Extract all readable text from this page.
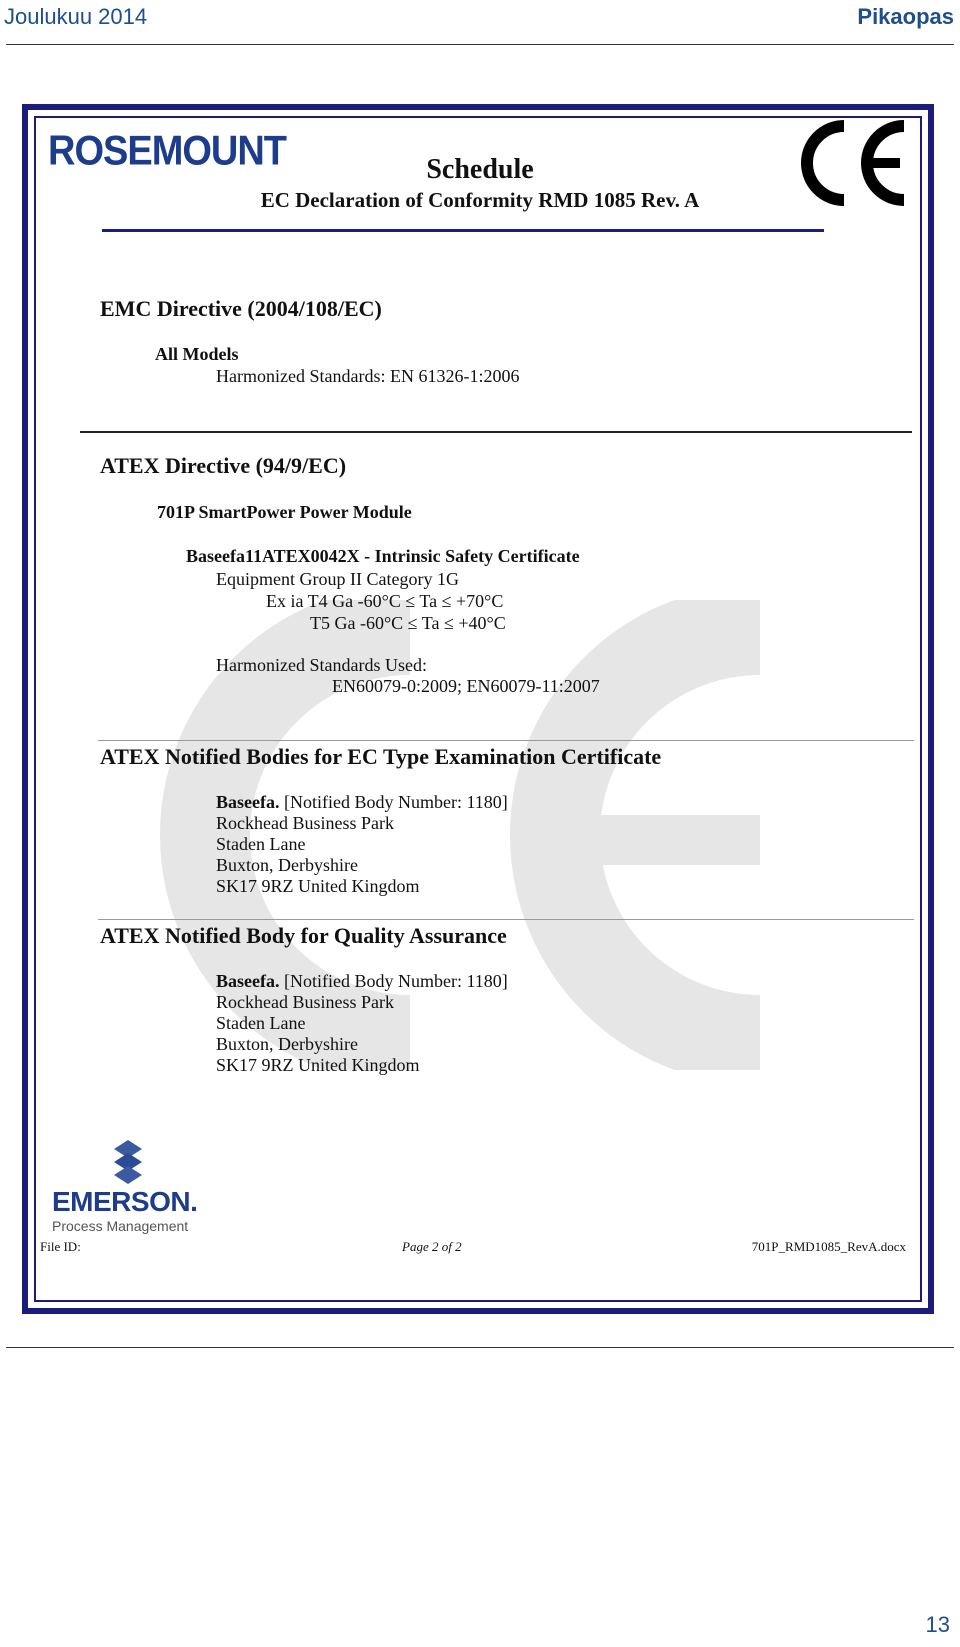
Joulukuu 2014	Pikaopas
ROSEMOUNT	Schedule
EC Declaration of Conformity RMD 1085 Rev. A
EMC Directive (2004/108/EC)
All Models
Harmonized Standards: EN 61326-1:2006
ATEX Directive (94/9/EC)
701P SmartPower Power Module
Baseefa11ATEX0042X - Intrinsic Safety Certificate
Equipment Group II Category 1G
Ex ia T4 Ga -60°C ≤ Ta ≤ +70°C
T5 Ga -60°C ≤ Ta ≤ +40°C
Harmonized Standards Used:
EN60079-0:2009; EN60079-11:2007
ATEX Notified Bodies for EC Type Examination Certificate
Baseefa. [Notified Body Number: 1180]
Rockhead Business Park
Staden Lane
Buxton, Derbyshire
SK17 9RZ United Kingdom
ATEX Notified Body for Quality Assurance
Baseefa. [Notified Body Number: 1180]
Rockhead Business Park
Staden Lane
Buxton, Derbyshire
SK17 9RZ United Kingdom
EMERSON.
Process Management
File ID:	Page 2 of 2	701P_RMD1085_RevA.docx
13
